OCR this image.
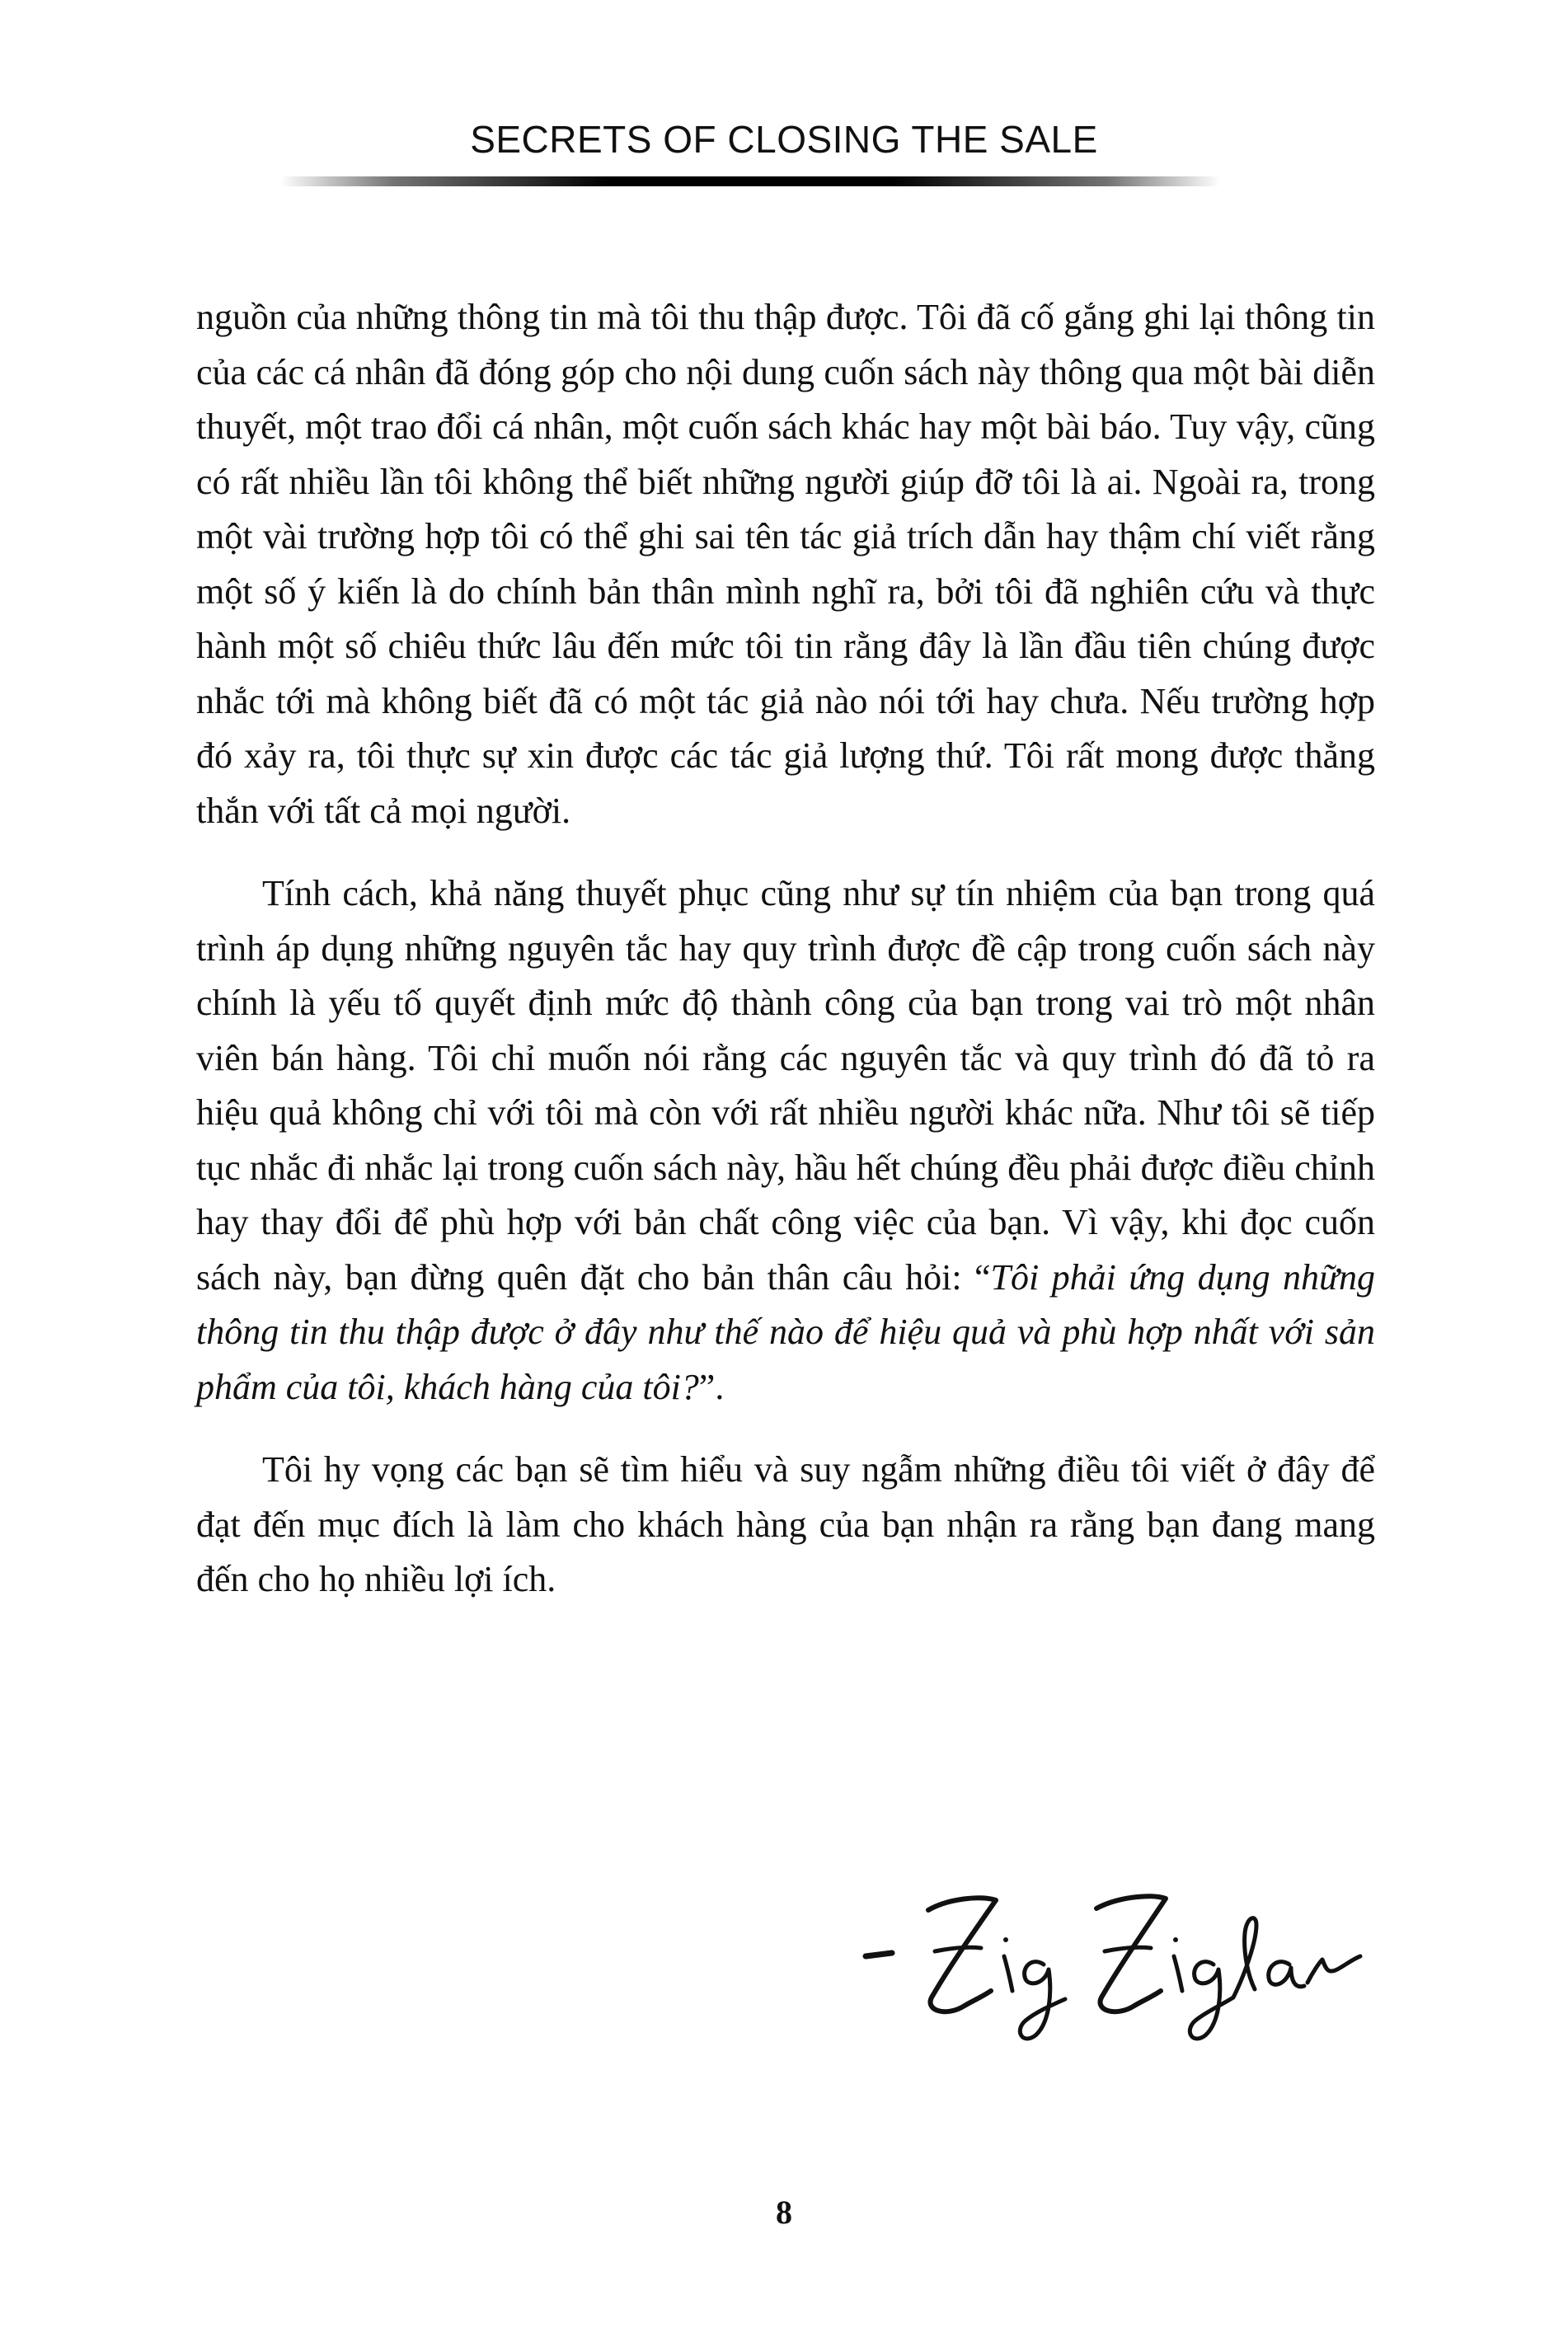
SECRETS OF CLOSING THE SALE

nguồn của những thông tin mà tôi thu thập được. Tôi đã cố gắng ghi lại thông tin của các cá nhân đã đóng góp cho nội dung cuốn sách này thông qua một bài diễn thuyết, một trao đổi cá nhân, một cuốn sách khác hay một bài báo. Tuy vậy, cũng có rất nhiều lần tôi không thể biết những người giúp đỡ tôi là ai. Ngoài ra, trong một vài trường hợp tôi có thể ghi sai tên tác giả trích dẫn hay thậm chí viết rằng một số ý kiến là do chính bản thân mình nghĩ ra, bởi tôi đã nghiên cứu và thực hành một số chiêu thức lâu đến mức tôi tin rằng đây là lần đầu tiên chúng được nhắc tới mà không biết đã có một tác giả nào nói tới hay chưa. Nếu trường hợp đó xảy ra, tôi thực sự xin được các tác giả lượng thứ. Tôi rất mong được thẳng thắn với tất cả mọi người.

Tính cách, khả năng thuyết phục cũng như sự tín nhiệm của bạn trong quá trình áp dụng những nguyên tắc hay quy trình được đề cập trong cuốn sách này chính là yếu tố quyết định mức độ thành công của bạn trong vai trò một nhân viên bán hàng. Tôi chỉ muốn nói rằng các nguyên tắc và quy trình đó đã tỏ ra hiệu quả không chỉ với tôi mà còn với rất nhiều người khác nữa. Như tôi sẽ tiếp tục nhắc đi nhắc lại trong cuốn sách này, hầu hết chúng đều phải được điều chỉnh hay thay đổi để phù hợp với bản chất công việc của bạn. Vì vậy, khi đọc cuốn sách này, bạn đừng quên đặt cho bản thân câu hỏi: “Tôi phải ứng dụng những thông tin thu thập được ở đây như thế nào để hiệu quả và phù hợp nhất với sản phẩm của tôi, khách hàng của tôi?”.

Tôi hy vọng các bạn sẽ tìm hiểu và suy ngẫm những điều tôi viết ở đây để đạt đến mục đích là làm cho khách hàng của bạn nhận ra rằng bạn đang mang đến cho họ nhiều lợi ích.

8
